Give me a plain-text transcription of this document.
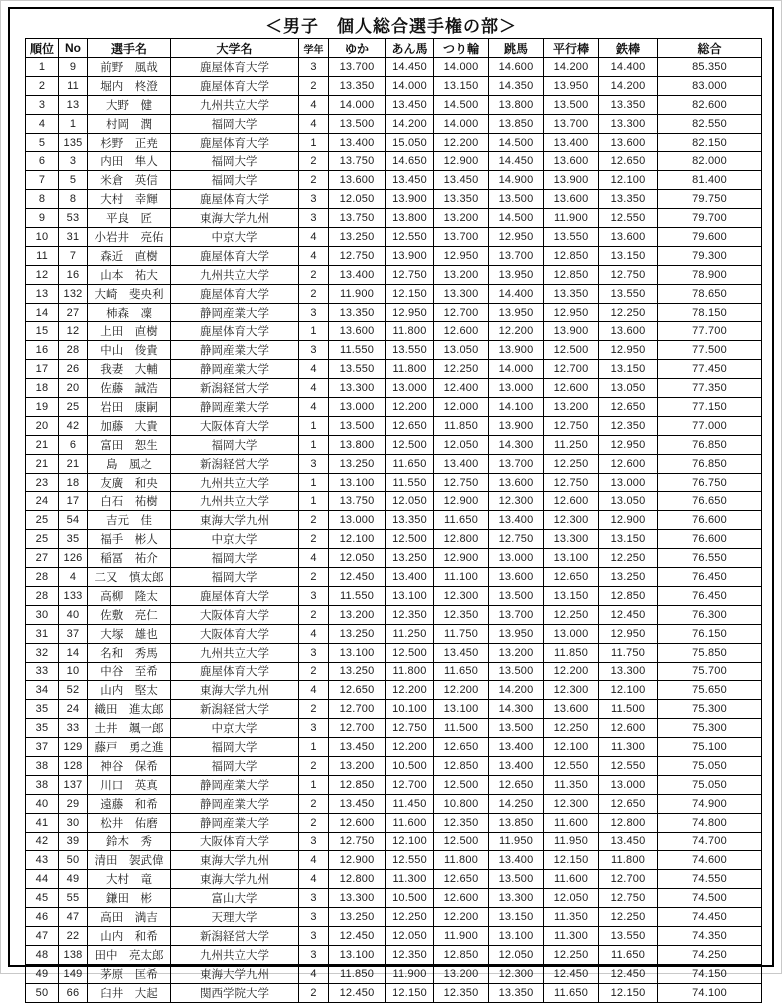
＜男子　個人総合選手権の部＞
順位	No	選手名	大学名	学年	ゆか	あん馬	つり輪	跳馬	平行棒	鉄棒	総合
1	9	前野　風哉	鹿屋体育大学	3	13.700	14.450	14.000	14.600	14.200	14.400	85.350
2	11	堀内　柊澄	鹿屋体育大学	2	13.350	14.000	13.150	14.350	13.950	14.200	83.000
3	13	大野　健	九州共立大学	4	14.000	13.450	14.500	13.800	13.500	13.350	82.600
4	1	村岡　潤	福岡大学	4	13.500	14.200	14.000	13.850	13.700	13.300	82.550
5	135	杉野　正尭	鹿屋体育大学	1	13.400	15.050	12.200	14.500	13.400	13.600	82.150
6	3	内田　隼人	福岡大学	2	13.750	14.650	12.900	14.450	13.600	12.650	82.000
7	5	米倉　英信	福岡大学	2	13.600	13.450	13.450	14.900	13.900	12.100	81.400
8	8	大村　幸輝	鹿屋体育大学	3	12.050	13.900	13.350	13.500	13.600	13.350	79.750
9	53	平良　匠	東海大学九州	3	13.750	13.800	13.200	14.500	11.900	12.550	79.700
10	31	小岩井　亮佑	中京大学	4	13.250	12.550	13.700	12.950	13.550	13.600	79.600
11	7	森近　直樹	鹿屋体育大学	4	12.750	13.900	12.950	13.700	12.850	13.150	79.300
12	16	山本　祐大	九州共立大学	2	13.400	12.750	13.200	13.950	12.850	12.750	78.900
13	132	大崎　斐央利	鹿屋体育大学	2	11.900	12.150	13.300	14.400	13.350	13.550	78.650
14	27	柿森　凜	静岡産業大学	3	13.350	12.950	12.700	13.950	12.950	12.250	78.150
15	12	上田　直樹	鹿屋体育大学	1	13.600	11.800	12.600	12.200	13.900	13.600	77.700
16	28	中山　俊貴	静岡産業大学	3	11.550	13.550	13.050	13.900	12.500	12.950	77.500
17	26	我妻　大輔	静岡産業大学	4	13.550	11.800	12.250	14.000	12.700	13.150	77.450
18	20	佐藤　誠浩	新潟経営大学	4	13.300	13.000	12.400	13.000	12.600	13.050	77.350
19	25	岩田　康嗣	静岡産業大学	4	13.000	12.200	12.000	14.100	13.200	12.650	77.150
20	42	加藤　大貴	大阪体育大学	1	13.500	12.650	11.850	13.900	12.750	12.350	77.000
21	6	富田　恕生	福岡大学	1	13.800	12.500	12.050	14.300	11.250	12.950	76.850
21	21	島　風之	新潟経営大学	3	13.250	11.650	13.400	13.700	12.250	12.600	76.850
23	18	友廣　和央	九州共立大学	1	13.100	11.550	12.750	13.600	12.750	13.000	76.750
24	17	白石　祐樹	九州共立大学	1	13.750	12.050	12.900	12.300	12.600	13.050	76.650
25	54	吉元　佳	東海大学九州	2	13.000	13.350	11.650	13.400	12.300	12.900	76.600
25	35	福手　彬人	中京大学	2	12.100	12.500	12.800	12.750	13.300	13.150	76.600
27	126	稲冨　祐介	福岡大学	4	12.050	13.250	12.900	13.000	13.100	12.250	76.550
28	4	二又　慎太郎	福岡大学	2	12.450	13.400	11.100	13.600	12.650	13.250	76.450
28	133	高柳　隆太	鹿屋体育大学	3	11.550	13.100	12.300	13.500	13.150	12.850	76.450
30	40	佐敷　亮仁	大阪体育大学	2	13.200	12.350	12.350	13.700	12.250	12.450	76.300
31	37	大塚　雄也	大阪体育大学	4	13.250	11.250	11.750	13.950	13.000	12.950	76.150
32	14	名和　秀馬	九州共立大学	3	13.100	12.500	13.450	13.200	11.850	11.750	75.850
33	10	中谷　至希	鹿屋体育大学	2	13.250	11.800	11.650	13.500	12.200	13.300	75.700
34	52	山内　堅太	東海大学九州	4	12.650	12.200	12.200	14.200	12.300	12.100	75.650
35	24	織田　進太郎	新潟経営大学	2	12.700	10.100	13.100	14.300	13.600	11.500	75.300
35	33	土井　颯一郎	中京大学	3	12.700	12.750	11.500	13.500	12.250	12.600	75.300
37	129	藤戸　勇之進	福岡大学	1	13.450	12.200	12.650	13.400	12.100	11.300	75.100
38	128	神谷　保希	福岡大学	2	13.200	10.500	12.850	13.400	12.550	12.550	75.050
38	137	川口　英真	静岡産業大学	1	12.850	12.700	12.500	12.650	11.350	13.000	75.050
40	29	遠藤　和希	静岡産業大学	2	13.450	11.450	10.800	14.250	12.300	12.650	74.900
41	30	松井　佑磨	静岡産業大学	2	12.600	11.600	12.350	13.850	11.600	12.800	74.800
42	39	鈴木　秀	大阪体育大学	3	12.750	12.100	12.500	11.950	11.950	13.450	74.700
43	50	清田　袈武偉	東海大学九州	4	12.900	12.550	11.800	13.400	12.150	11.800	74.600
44	49	大村　竜	東海大学九州	4	12.800	11.300	12.650	13.500	11.600	12.700	74.550
45	55	鎌田　彬	富山大学	3	13.300	10.500	12.600	13.300	12.050	12.750	74.500
46	47	高田　満吉	天理大学	3	13.250	12.250	12.200	13.150	11.350	12.250	74.450
47	22	山内　和希	新潟経営大学	3	12.450	12.050	11.900	13.100	11.300	13.550	74.350
48	138	田中　亮太郎	九州共立大学	3	13.100	12.350	12.850	12.050	12.250	11.650	74.250
49	149	茅原　匡希	東海大学九州	4	11.850	11.900	13.200	12.300	12.450	12.450	74.150
50	66	臼井　大起	関西学院大学	2	12.450	12.150	12.350	13.350	11.650	12.150	74.100
